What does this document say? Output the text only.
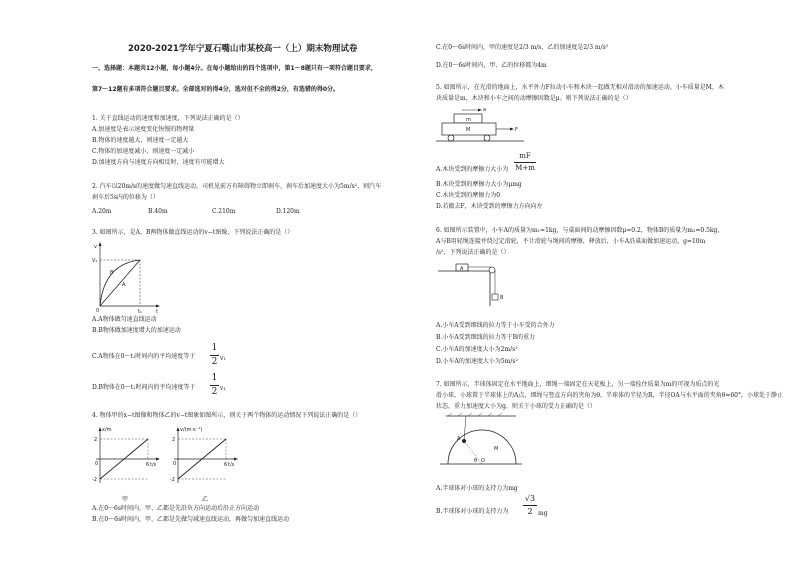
2020-2021学年宁夏石嘴山市某校高一（上）期末物理试卷
一、选择题：本题共12小题，每小题4分。在每小题给出的四个选项中，第1～8题只有一项符合题目要求，
第7～12题有多项符合题目要求。全部选对的得4分，选对但不全的得2分，有选错的得0分。
1. 关于直线运动的速度和加速度，下列说法正确的是（）
A.加速度是表示速度变化快慢的物理量
B.物体的速度越大，则速度一定越大
C.物体的加速度减小，则速度一定减小
D.加速度方向与速度方向相反时，速度有可能增大
2. 汽车以20m/s的速度做匀速直线运动，司机见前方有障碍物立即刹车，刹车后加速度大小为5m/s²，则汽车
刹车后5s内的位移为（）
A.20m	B.40m	C.210m	D.120m
3. 如图所示，是A、B两物体做直线运动的v−t图像，下列说法正确的是（）
v
V₁
t
t₁
0
B
A
A.A物体做匀速直线运动
B.B物体做加速度增大的加速运动
C.A物体在0～t₁时间内的平均速度等于
1
2 v₁
D.B物体在0～t₁时间内的平均速度等于
1
2 v₁
4. 物体甲的x−t图像和物体乙的v−t图象如图所示，则关于两个物体的运动情况下列说法正确的是（）
x/m
2
-2
0	6 t/s
甲
v/(m·s⁻¹)
2
-2
0	6 t/s
乙
A.在0～6s时间内，甲、乙都是先沿负方向运动后沿正方向运动
B.在0～6s时间内，甲、乙都是先做匀减速直线运动，再做匀加速直线运动
C.在0～6s时间内，甲的速度是2/3 m/s，乙的加速度是2/3 m/s²
D.在0～6s时间内，甲、乙的位移都为4m
5. 如图所示，在光滑的地面上，水平外力F拉动小车和木块一起做无相对滑动的加速运动。小车质量是M，木
块质量是m，木块和小车之间的动摩擦因数是μ。则下列说法正确的是（）
a
m
M	F
A.木块受到的摩擦力大小为
mF
M+m
B.木块受到的摩擦力大小为μmg
C.木块受到的摩擦力为0
D.若撤去F，木块受到的摩擦力方向向左
6. 如图所示装置中，小车A的质量为m₁=1kg，与桌面间的动摩擦因数μ=0.2，物体B的质量为m₂=0.5kg，
A与B用轻绳连接并绕过定滑轮，不计滑轮与绳间的摩擦，释放后，小车A沿桌面做加速运动，g=10m
/s²，下列说法正确的是（）
A
B
A.小车A受到细线的拉力等于小车受的合外力
B.小车A受到细线的拉力等于B的重力
C.小车A的加速度大小为2m/s²
D.小车A的加速度大小为5m/s²
7. 如图所示，半球体固定在水平地面上，细绳一端固定在天花板上，另一端拴住质量为m的可视为质点的光
滑小球，小球置于半球体上的A点，细绳与竖直方向的夹角为θ，半球体的半径为R，半径OA与水平面的夹角θ=60°，小球处于静止
状态，重力加速度大小为g，则关于小球的受力正确的是（）
A
O
M
θ
A.半球体对小球的支持力为mg
B.半球体对小球的支持力为
√3
2 mg
